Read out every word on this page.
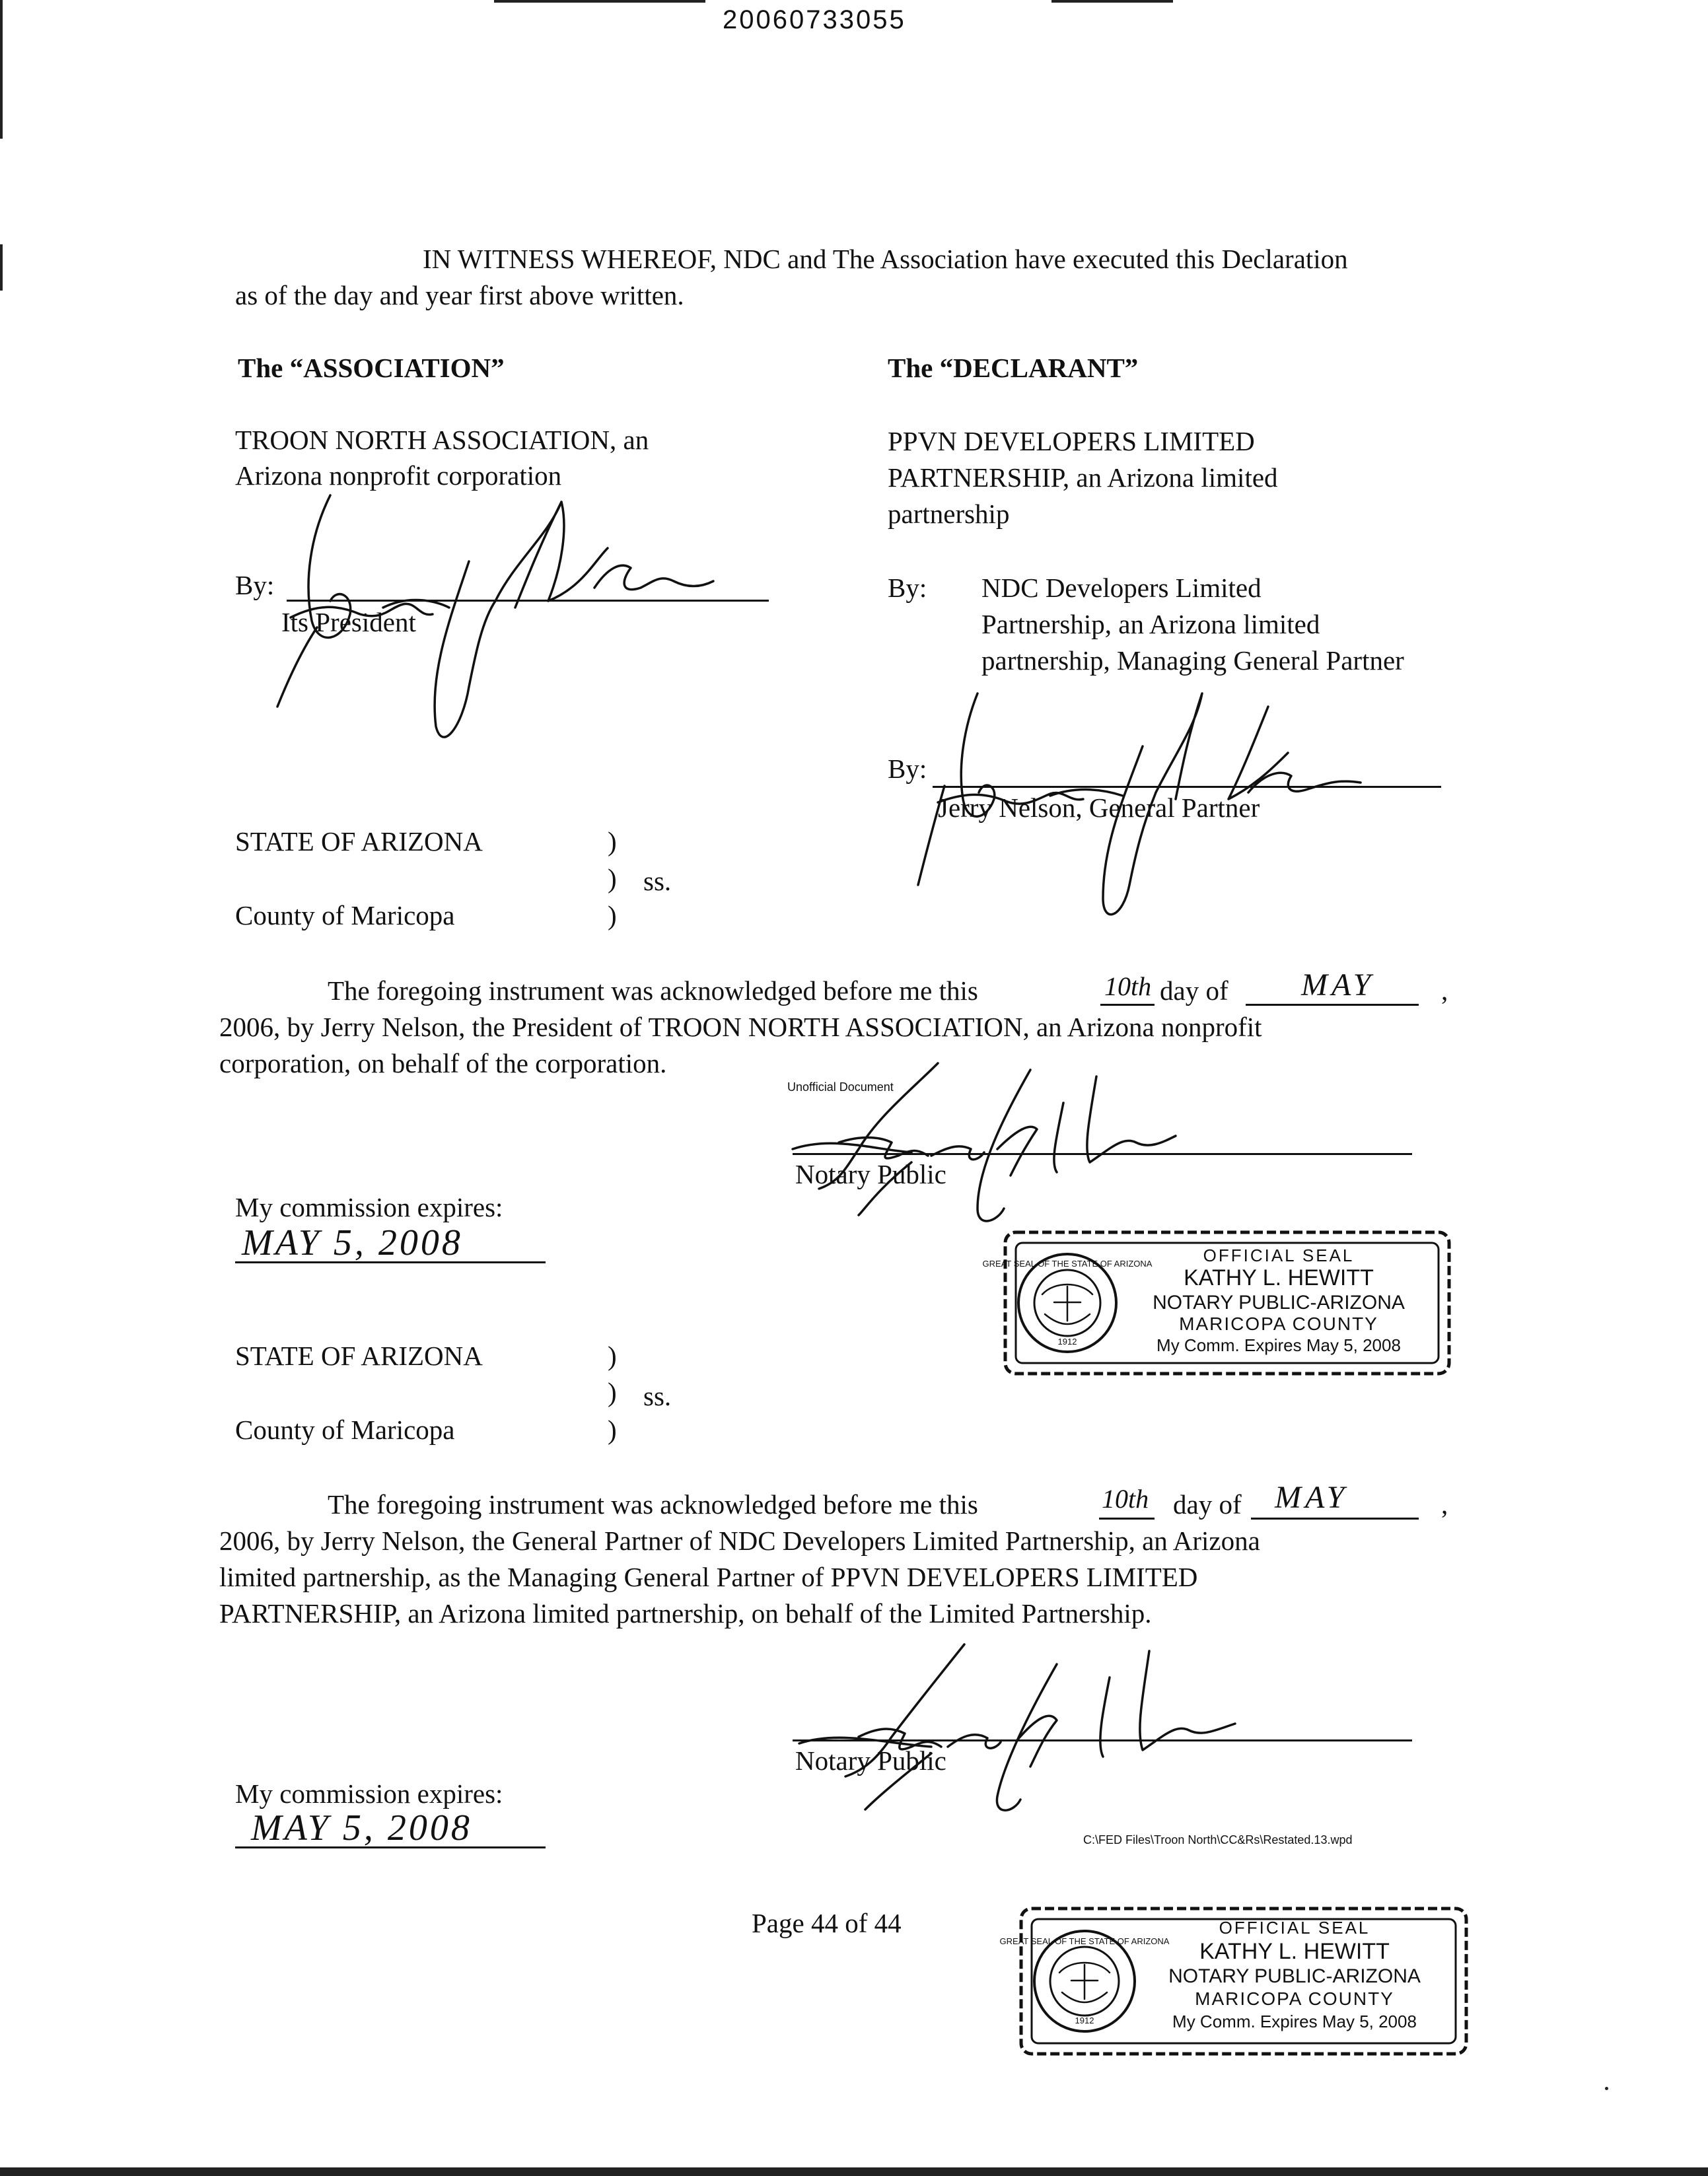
20060733055
IN WITNESS WHEREOF, NDC and The Association have executed this Declaration
as of the day and year first above written.
The “ASSOCIATION”
TROON NORTH ASSOCIATION, an
Arizona nonprofit corporation
By:
Its President
The “DECLARANT”
PPVN DEVELOPERS LIMITED
PARTNERSHIP, an Arizona limited
partnership
By: NDC Developers Limited
Partnership, an Arizona limited
partnership, Managing General Partner
By:
Jerry Nelson, General Partner
STATE OF ARIZONA	)
) ss.
County of Maricopa	)
The foregoing instrument was acknowledged before me this	10th day of MAY ,
2006, by Jerry Nelson, the President of TROON NORTH ASSOCIATION, an Arizona nonprofit
corporation, on behalf of the corporation.
Unofficial Document
Notary Public
My commission expires:
MAY 5, 2008
GREAT SEAL OF THE STATE OF ARIZONA
1912
OFFICIAL SEAL
KATHY L. HEWITT
NOTARY PUBLIC-ARIZONA
MARICOPA COUNTY
My Comm. Expires May 5, 2008
STATE OF ARIZONA	)
) ss.
County of Maricopa	)
The foregoing instrument was acknowledged before me this	10th day of MAY	,
2006, by Jerry Nelson, the General Partner of NDC Developers Limited Partnership, an Arizona
limited partnership, as the Managing General Partner of PPVN DEVELOPERS LIMITED
PARTNERSHIP, an Arizona limited partnership, on behalf of the Limited Partnership.
Notary Public
My commission expires:
MAY 5, 2008	C:\FED Files\Troon North\CC&Rs\Restated.13.wpd
Page 44 of 44
GREAT SEAL OF THE STATE OF ARIZONA
1912
OFFICIAL SEAL
KATHY L. HEWITT
NOTARY PUBLIC-ARIZONA
MARICOPA COUNTY
My Comm. Expires May 5, 2008
